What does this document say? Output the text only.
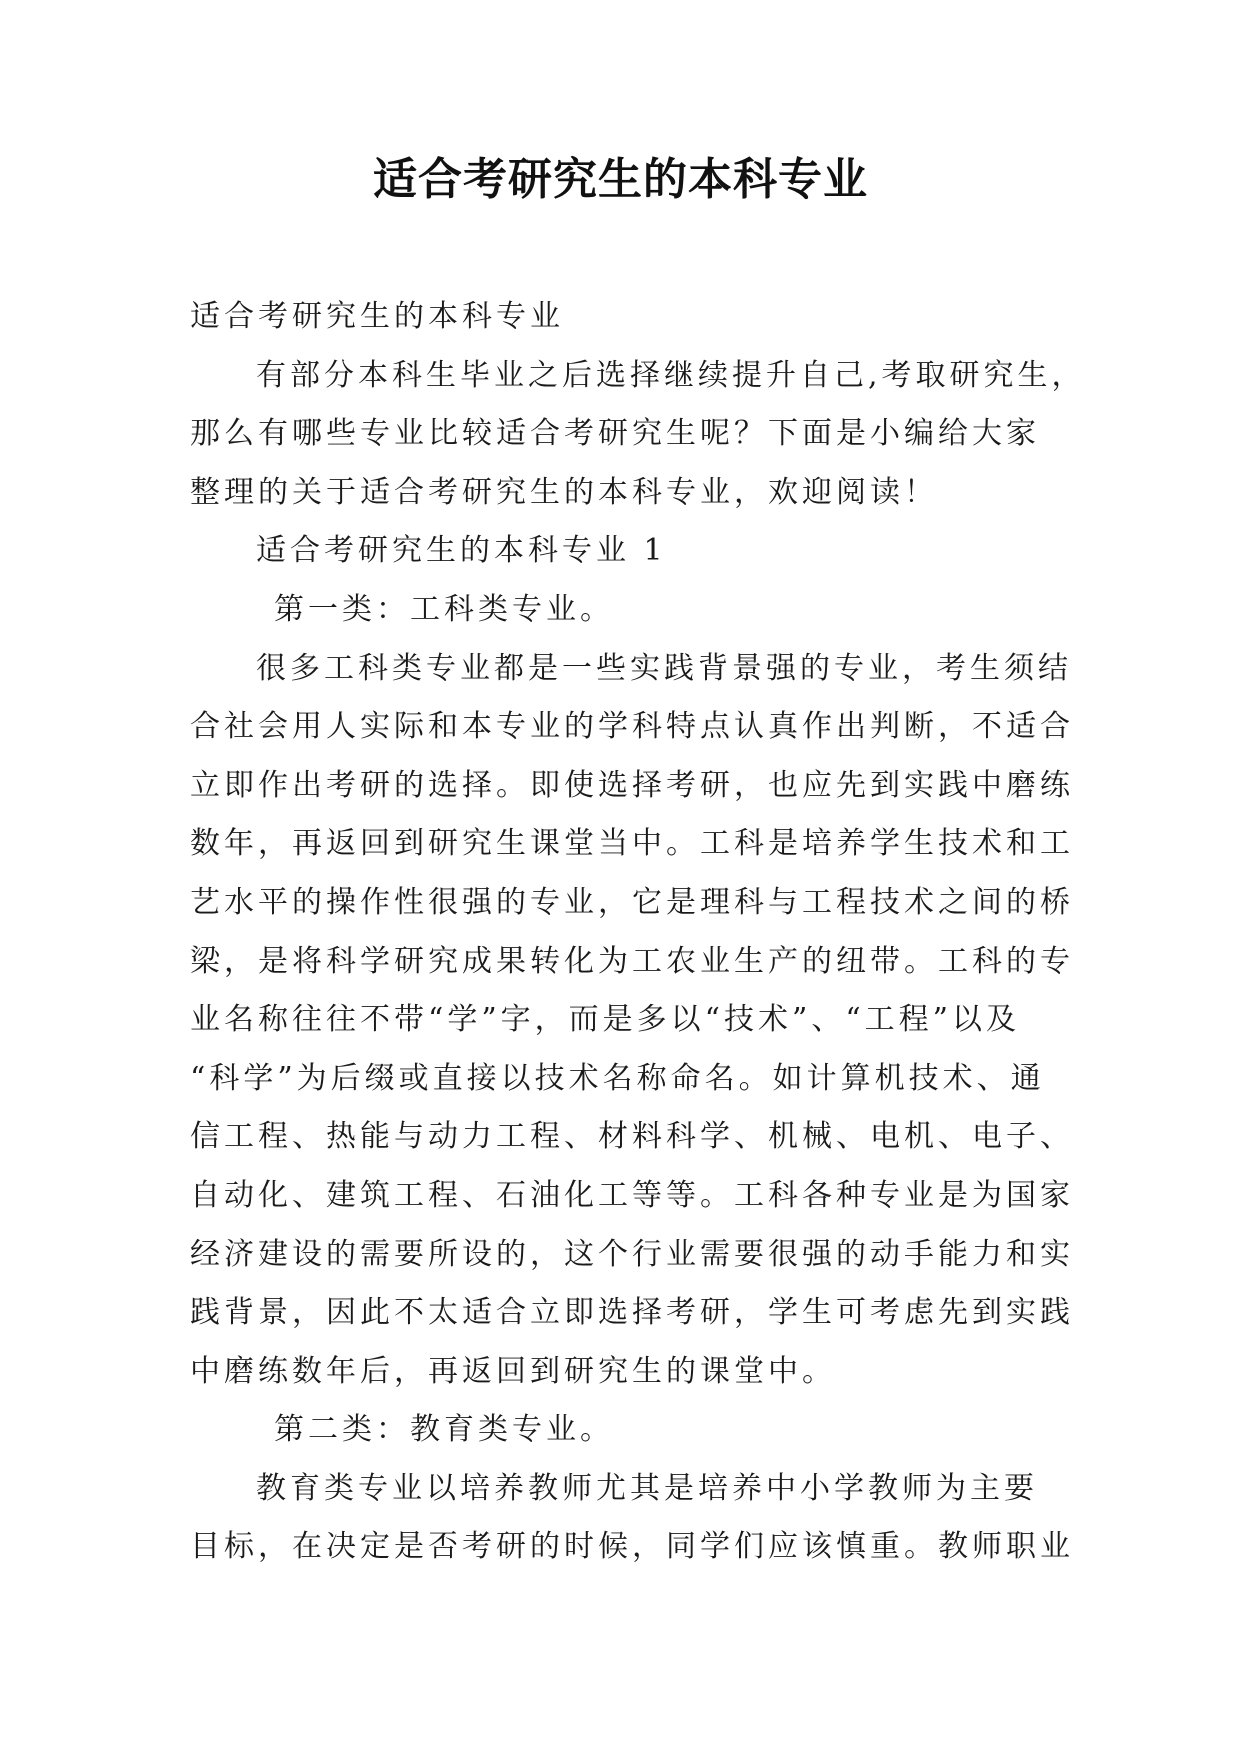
适合考研究生的本科专业
适合考研究生的本科专业
有部分本科生毕业之后选择继续提升自己,考取研究生，
那么有哪些专业比较适合考研究生呢？下面是小编给大家
整理的关于适合考研究生的本科专业，欢迎阅读！
适合考研究生的本科专业 1
第一类：工科类专业。
很多工科类专业都是一些实践背景强的专业，考生须结
合社会用人实际和本专业的学科特点认真作出判断，不适合
立即作出考研的选择。即使选择考研，也应先到实践中磨练
数年，再返回到研究生课堂当中。工科是培养学生技术和工
艺水平的操作性很强的专业，它是理科与工程技术之间的桥
梁，是将科学研究成果转化为工农业生产的纽带。工科的专
业名称往往不带“学”字，而是多以“技术”、“工程”以及
“科学”为后缀或直接以技术名称命名。如计算机技术、通
信工程、热能与动力工程、材料科学、机械、电机、电子、
自动化、建筑工程、石油化工等等。工科各种专业是为国家
经济建设的需要所设的，这个行业需要很强的动手能力和实
践背景，因此不太适合立即选择考研，学生可考虑先到实践
中磨练数年后，再返回到研究生的课堂中。
第二类：教育类专业。
教育类专业以培养教师尤其是培养中小学教师为主要
目标，在决定是否考研的时候，同学们应该慎重。教师职业
